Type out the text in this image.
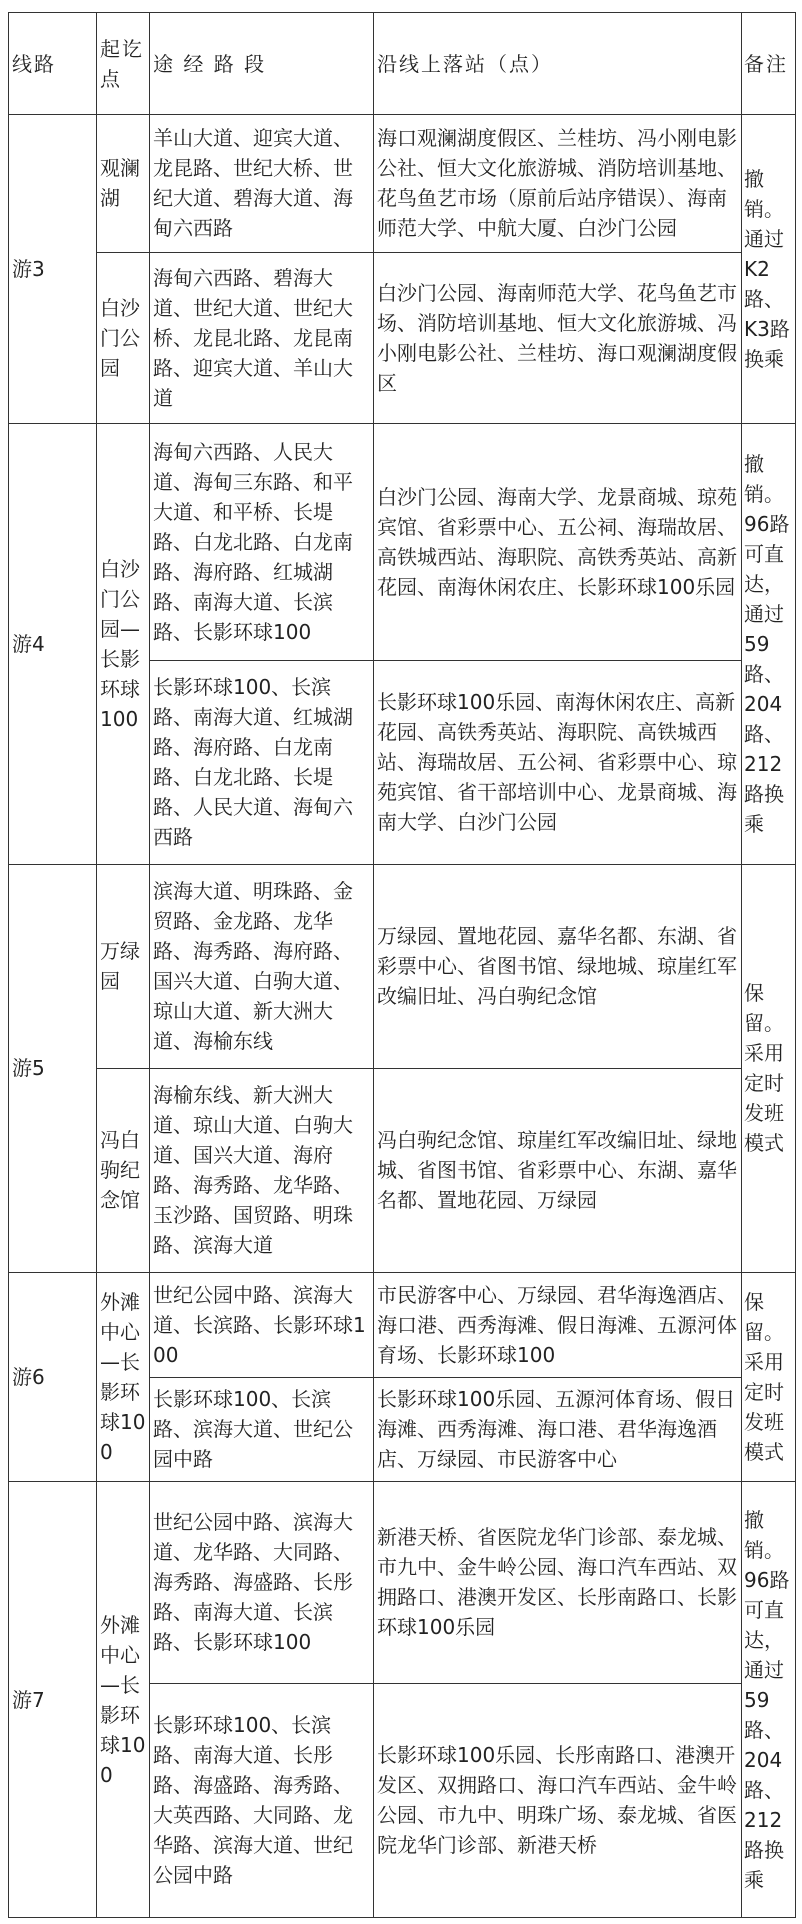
线路	起讫点	途 经 路 段	沿线上落站（点）	备注
游3	观澜湖	羊山大道、迎宾大道、龙昆路、世纪大桥、世纪大道、碧海大道、海甸六西路	海口观澜湖度假区、兰桂坊、冯小刚电影公社、恒大文化旅游城、消防培训基地、花鸟鱼艺市场（原前后站序错误）、海南师范大学、中航大厦、白沙门公园	撤销。通过K2路、K3路换乘
	白沙门公园	海甸六西路、碧海大道、世纪大道、世纪大桥、龙昆北路、龙昆南路、迎宾大道、羊山大道	白沙门公园、海南师范大学、花鸟鱼艺市场、消防培训基地、恒大文化旅游城、冯小刚电影公社、兰桂坊、海口观澜湖度假区	
游4	白沙门公园—长影环球100	海甸六西路、人民大道、海甸三东路、和平大道、和平桥、长堤路、白龙北路、白龙南路、海府路、红城湖路、南海大道、长滨路、长影环球100	白沙门公园、海南大学、龙景商城、琼苑宾馆、省彩票中心、五公祠、海瑞故居、高铁城西站、海职院、高铁秀英站、高新花园、南海休闲农庄、长影环球100乐园	撤销。96路可直达，通过59路、204路、212路换乘
		长影环球100、长滨路、南海大道、红城湖路、海府路、白龙南路、白龙北路、长堤路、人民大道、海甸六西路	长影环球100乐园、南海休闲农庄、高新花园、高铁秀英站、海职院、高铁城西站、海瑞故居、五公祠、省彩票中心、琼苑宾馆、省干部培训中心、龙景商城、海南大学、白沙门公园	
游5	万绿园	滨海大道、明珠路、金贸路、金龙路、龙华路、海秀路、海府路、国兴大道、白驹大道、琼山大道、新大洲大道、海榆东线	万绿园、置地花园、嘉华名都、东湖、省彩票中心、省图书馆、绿地城、琼崖红军改编旧址、冯白驹纪念馆	保留。采用定时发班模式
	冯白驹纪念馆	海榆东线、新大洲大道、琼山大道、白驹大道、国兴大道、海府路、海秀路、龙华路、玉沙路、国贸路、明珠路、滨海大道	冯白驹纪念馆、琼崖红军改编旧址、绿地城、省图书馆、省彩票中心、东湖、嘉华名都、置地花园、万绿园	
游6	外滩中心—长影环球100	世纪公园中路、滨海大道、长滨路、长影环球100	市民游客中心、万绿园、君华海逸酒店、海口港、西秀海滩、假日海滩、五源河体育场、长影环球100	保留。采用定时发班模式
		长影环球100、长滨路、滨海大道、世纪公园中路	长影环球100乐园、五源河体育场、假日海滩、西秀海滩、海口港、君华海逸酒店、万绿园、市民游客中心	
游7	外滩中心—长影环球100	世纪公园中路、滨海大道、龙华路、大同路、海秀路、海盛路、长彤路、南海大道、长滨路、长影环球100	新港天桥、省医院龙华门诊部、泰龙城、市九中、金牛岭公园、海口汽车西站、双拥路口、港澳开发区、长彤南路口、长影环球100乐园	撤销。96路可直达，通过59路、204路、212路换乘
		长影环球100、长滨路、南海大道、长彤路、海盛路、海秀路、大英西路、大同路、龙华路、滨海大道、世纪公园中路	长影环球100乐园、长彤南路口、港澳开发区、双拥路口、海口汽车西站、金牛岭公园、市九中、明珠广场、泰龙城、省医院龙华门诊部、新港天桥	
